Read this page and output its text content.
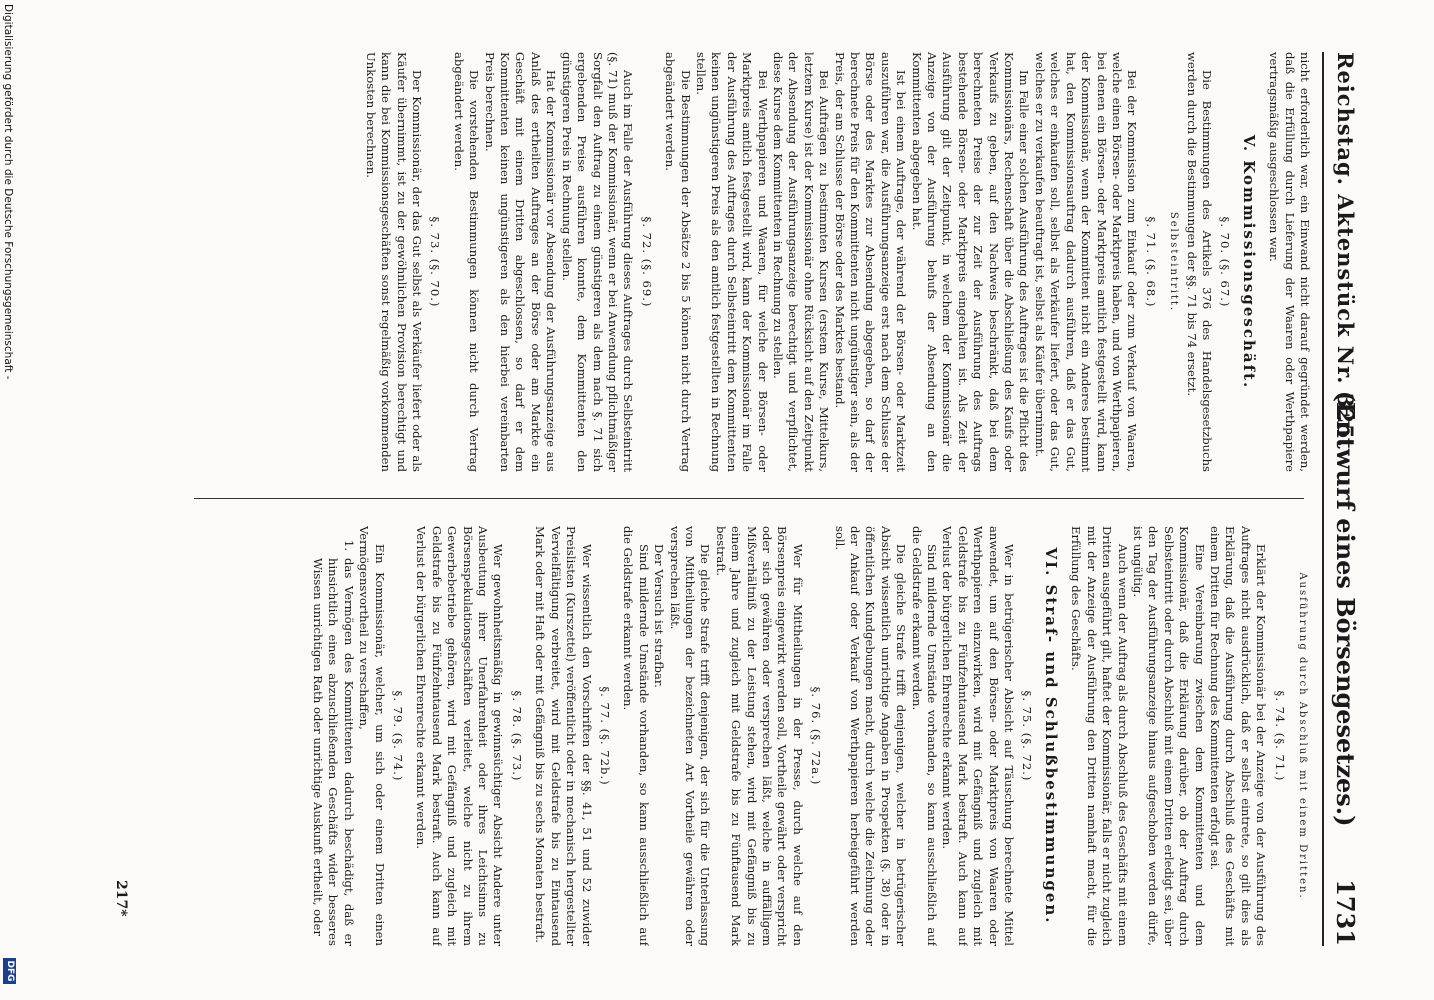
Reichstag. Aktenstück Nr. 325.
(Entwurf eines Börsengesetzes.)  1731

nicht erforderlich war, ein Einwand nicht darauf gegründet werden, daß die Erfüllung durch Lieferung der Waaren oder Werthpapiere vertragsmäßig ausgeschlossen war.

V. Kommissionsgeschäft.
§. 70. (§. 67.)

Die Bestimmungen des Artikels 376 des Handelsgesetzbuchs werden durch die Bestimmungen der §§. 71 bis 74 ersetzt.

Selbsteintritt.
§. 71. (§. 68.)

Bei der Kommission zum Einkauf oder zum Verkauf von Waaren, welche einen Börsen- oder Marktpreis haben, und von Werthpapieren, bei denen ein Börsen- oder Marktpreis amtlich festgestellt wird, kann der Kommissionär, wenn der Kommittent nicht ein Anderes bestimmt hat, den Kommissionsauftrag dadurch ausführen, daß er das Gut, welches er einkaufen soll, selbst als Verkäufer liefert, oder das Gut, welches er zu verkaufen beauftragt ist, selbst als Käufer übernimmt.

Im Falle einer solchen Ausführung des Auftrages ist die Pflicht des Kommissionärs, Rechenschaft über die Abschließung des Kaufs oder Verkaufs zu geben, auf den Nachweis beschränkt, daß bei dem berechneten Preise der zur Zeit der Ausführung des Auftrags bestehende Börsen- oder Marktpreis eingehalten ist. Als Zeit der Ausführung gilt der Zeitpunkt, in welchem der Kommissionär die Anzeige von der Ausführung behufs der Absendung an den Kommittenten abgegeben hat.

Ist bei einem Auftrage, der während der Börsen- oder Marktzeit auszuführen war, die Ausführungsanzeige erst nach dem Schlusse der Börse oder des Marktes zur Absendung abgegeben, so darf der berechnete Preis für den Kommittenten nicht ungünstiger sein, als der Preis, der am Schlusse der Börse oder des Marktes bestand.

Bei Aufträgen zu bestimmten Kursen (erstem Kurse, Mittelkurs, letztem Kurse) ist der Kommissionär ohne Rücksicht auf den Zeitpunkt der Absendung der Ausführungsanzeige berechtigt und verpflichtet, diese Kurse dem Kommittenten in Rechnung zu stellen.

Bei Werthpapieren und Waaren, für welche der Börsen- oder Marktpreis amtlich festgestellt wird, kann der Kommissionär im Falle der Ausführung des Auftrages durch Selbsteintritt dem Kommittenten keinen ungünstigeren Preis als den amtlich festgestellten in Rechnung stellen.

Die Bestimmungen der Absätze 2 bis 5 können nicht durch Vertrag abgeändert werden.

§. 72. (§. 69.)

Auch im Falle der Ausführung dieses Auftrages durch Selbsteintritt (§. 71) muß der Kommissionär, wenn er bei Anwendung pflichtmäßiger Sorgfalt den Auftrag zu einem günstigeren als dem nach §. 71 sich ergebenden Preise ausführen konnte, dem Kommittenten den günstigeren Preis in Rechnung stellen.

Hat der Kommissionär vor Absendung der Ausführungsanzeige aus Anlaß des ertheilten Auftrages an der Börse oder am Markte ein Geschäft mit einem Dritten abgeschlossen, so darf er dem Kommittenten keinen ungünstigeren als den hierbei vereinbarten Preis berechnen.

Die vorstehenden Bestimmungen können nicht durch Vertrag abgeändert werden.

§. 73. (§. 70.)

Der Kommissionär, der das Gut selbst als Verkäufer liefert oder als Käufer übernimmt, ist zu der gewöhnlichen Provision berechtigt und kann die bei Kommissionsgeschäften sonst regelmäßig vorkommenden Unkosten berechnen.

Ausführung durch Abschluß mit einem Dritten.
§. 74. (§. 71.)

Erklärt der Kommissionär bei der Anzeige von der Ausführung des Auftrages nicht ausdrücklich, daß er selbst eintrete, so gilt dies als Erklärung, daß die Ausführung durch Abschluß des Geschäfts mit einem Dritten für Rechnung des Kommittenten erfolgt sei.

Eine Vereinbarung zwischen dem Kommittenten und dem Kommissionär, daß die Erklärung darüber, ob der Auftrag durch Selbsteintritt oder durch Abschluß mit einem Dritten erledigt sei, über den Tag der Ausführungsanzeige hinaus aufgeschoben werden dürfe, ist ungültig.

Auch wenn der Auftrag als durch Abschluß des Geschäfts mit einem Dritten ausgeführt gilt, haftet der Kommissionär, falls er nicht zugleich mit der Anzeige der Ausführung den Dritten namhaft macht, für die Erfüllung des Geschäfts.

VI. Straf- und Schlußbestimmungen.
§. 75. (§. 72.)

Wer in betrügerischer Absicht auf Täuschung berechnete Mittel anwendet, um auf den Börsen- oder Marktpreis von Waaren oder Werthpapieren einzuwirken, wird mit Gefängniß und zugleich mit Geldstrafe bis zu Fünfzehntausend Mark bestraft. Auch kann auf Verlust der bürgerlichen Ehrenrechte erkannt werden.

Sind mildernde Umstände vorhanden, so kann ausschließlich auf die Geldstrafe erkannt werden.

Die gleiche Strafe trifft denjenigen, welcher in betrügerischer Absicht wissentlich unrichtige Angaben in Prospekten (§. 38) oder in öffentlichen Kundgebungen macht, durch welche die Zeichnung oder der Ankauf oder Verkauf von Werthpapieren herbeigeführt werden soll.

§. 76. (§. 72a.)

Wer für Mittheilungen in der Presse, durch welche auf den Börsenpreis eingewirkt werden soll, Vortheile gewährt oder verspricht oder sich gewähren oder versprechen läßt, welche in auffälligem Mißverhältniß zu der Leistung stehen, wird mit Gefängniß bis zu einem Jahre und zugleich mit Geldstrafe bis zu Fünftausend Mark bestraft.

Die gleiche Strafe trifft denjenigen, der sich für die Unterlassung von Mittheilungen der bezeichneten Art Vortheile gewähren oder versprechen läßt.

Der Versuch ist strafbar.

Sind mildernde Umstände vorhanden, so kann ausschließlich auf die Geldstrafe erkannt werden.

§. 77. (§. 72b.)

Wer wissentlich den Vorschriften der §§. 41, 51 und 52 zuwider Preislisten (Kurszettel) veröffentlicht oder in mechanisch hergestellter Vervielfältigung verbreitet, wird mit Geldstrafe bis zu Eintausend Mark oder mit Haft oder mit Gefängniß bis zu sechs Monaten bestraft.

§. 78. (§. 73.)

Wer gewohnheitsmäßig in gewinnsüchtiger Absicht Andere unter Ausbeutung ihrer Unerfahrenheit oder ihres Leichtsinns zu Börsenspekulationsgeschäften verleitet, welche nicht zu ihrem Gewerbebetriebe gehören, wird mit Gefängniß und zugleich mit Geldstrafe bis zu Fünfzehntausend Mark bestraft. Auch kann auf Verlust der bürgerlichen Ehrenrechte erkannt werden.

§. 79. (§. 74.)

Ein Kommissionär, welcher, um sich oder einem Dritten einen Vermögensvortheil zu verschaffen,

1.
das Vermögen des Kommittenten dadurch beschädigt, daß er hinsichtlich eines abzuschließenden Geschäfts wider besseres Wissen unrichtigen Rath oder unrichtige Auskunft ertheilt, oder

217*
Digitalisierung gefördert durch die Deutsche Forschungsgemeinschaft -
DFG
